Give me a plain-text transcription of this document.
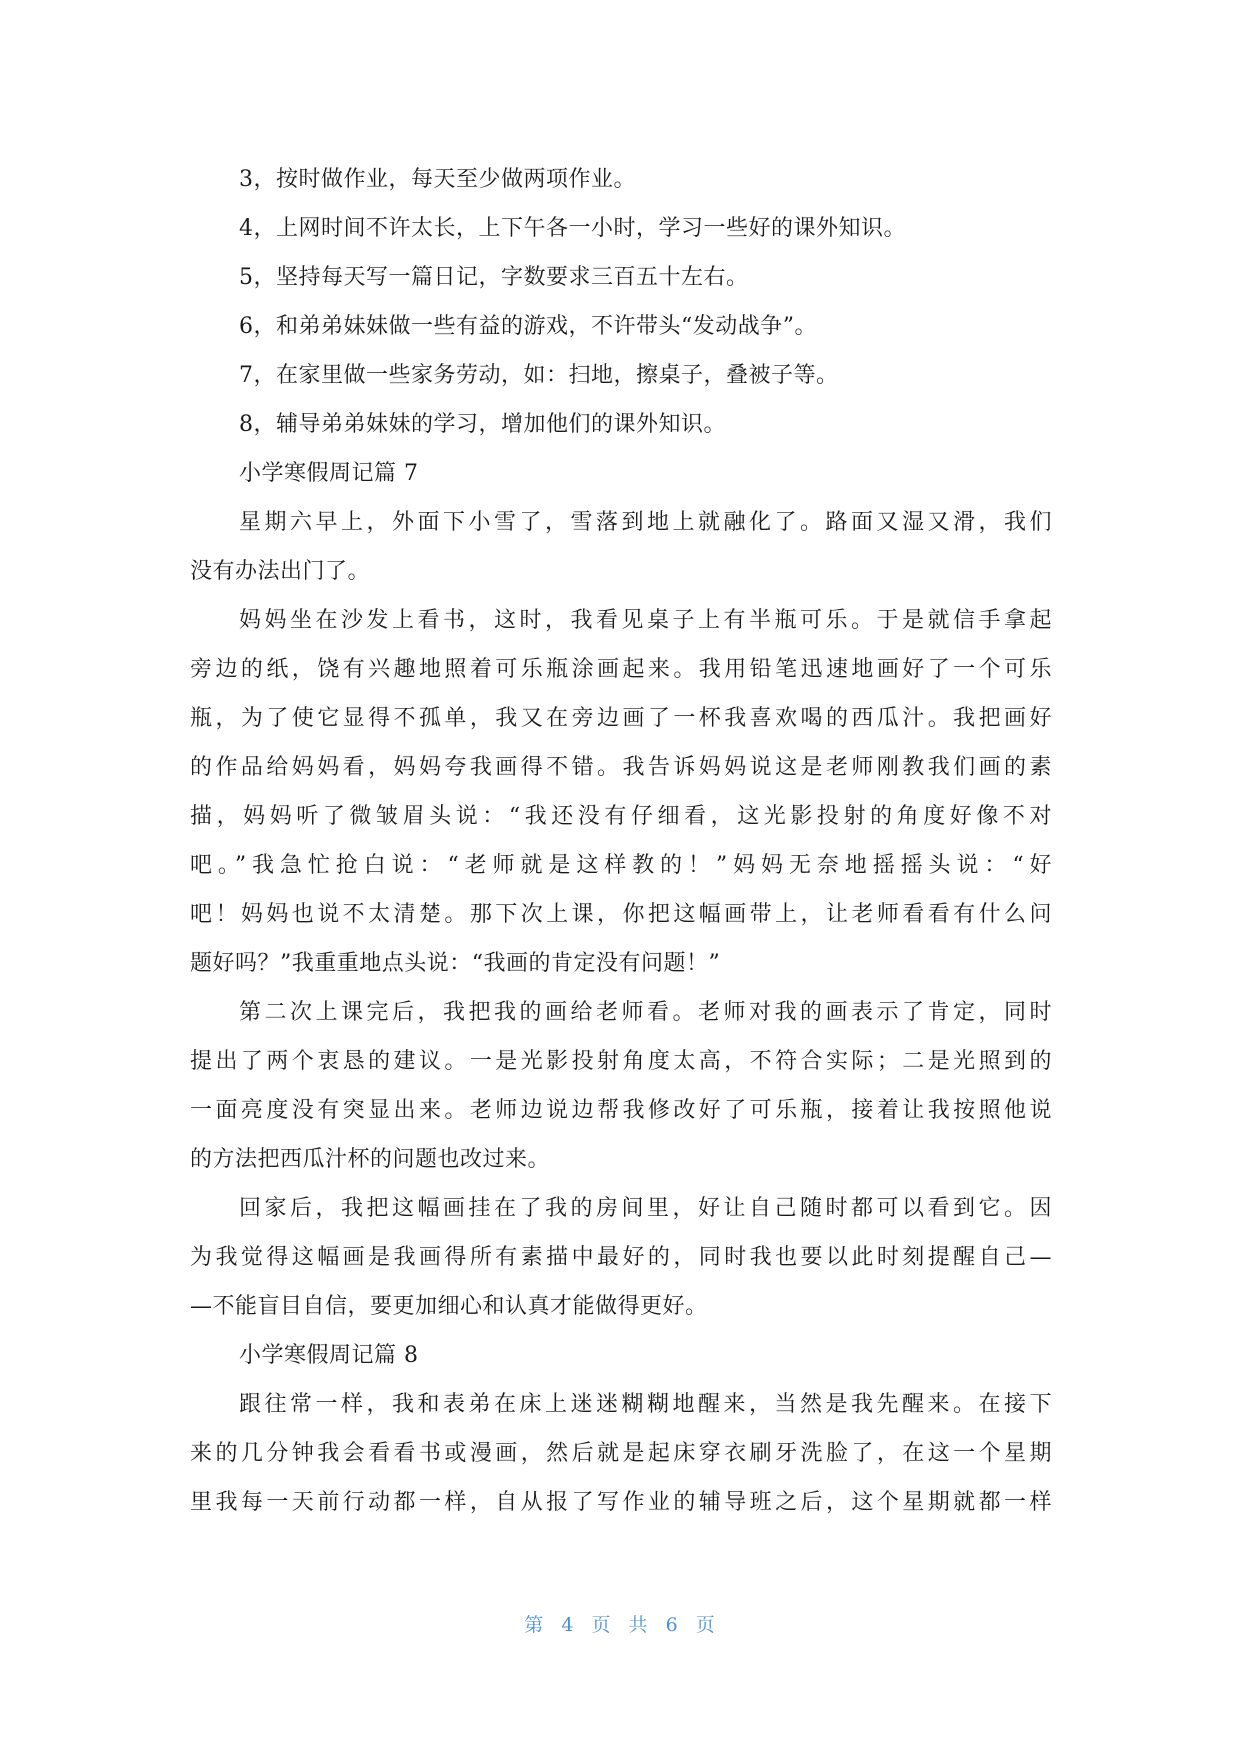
3，按时做作业，每天至少做两项作业。
4，上网时间不许太长，上下午各一小时，学习一些好的课外知识。
5，坚持每天写一篇日记，字数要求三百五十左右。
6，和弟弟妹妹做一些有益的游戏，不许带头“发动战争”。
7，在家里做一些家务劳动，如：扫地，擦桌子，叠被子等。
8，辅导弟弟妹妹的学习，增加他们的课外知识。
小学寒假周记篇 7
星期六早上，外面下小雪了，雪落到地上就融化了。路面又湿又滑，我们
没有办法出门了。
妈妈坐在沙发上看书，这时，我看见桌子上有半瓶可乐。于是就信手拿起
旁边的纸，饶有兴趣地照着可乐瓶涂画起来。我用铅笔迅速地画好了一个可乐
瓶，为了使它显得不孤单，我又在旁边画了一杯我喜欢喝的西瓜汁。我把画好
的作品给妈妈看，妈妈夸我画得不错。我告诉妈妈说这是老师刚教我们画的素
描，妈妈听了微皱眉头说：“我还没有仔细看，这光影投射的角度好像不对
吧。”我急忙抢白说：“老师就是这样教的！”妈妈无奈地摇摇头说：“好
吧！妈妈也说不太清楚。那下次上课，你把这幅画带上，让老师看看有什么问
题好吗？”我重重地点头说：“我画的肯定没有问题！”
第二次上课完后，我把我的画给老师看。老师对我的画表示了肯定，同时
提出了两个衷恳的建议。一是光影投射角度太高，不符合实际；二是光照到的
一面亮度没有突显出来。老师边说边帮我修改好了可乐瓶，接着让我按照他说
的方法把西瓜汁杯的问题也改过来。
回家后，我把这幅画挂在了我的房间里，好让自己随时都可以看到它。因
为我觉得这幅画是我画得所有素描中最好的，同时我也要以此时刻提醒自己—
—不能盲目自信，要更加细心和认真才能做得更好。
小学寒假周记篇 8
跟往常一样，我和表弟在床上迷迷糊糊地醒来，当然是我先醒来。在接下
来的几分钟我会看看书或漫画，然后就是起床穿衣刷牙洗脸了，在这一个星期
里我每一天前行动都一样，自从报了写作业的辅导班之后，这个星期就都一样
第 4 页 共 6 页
